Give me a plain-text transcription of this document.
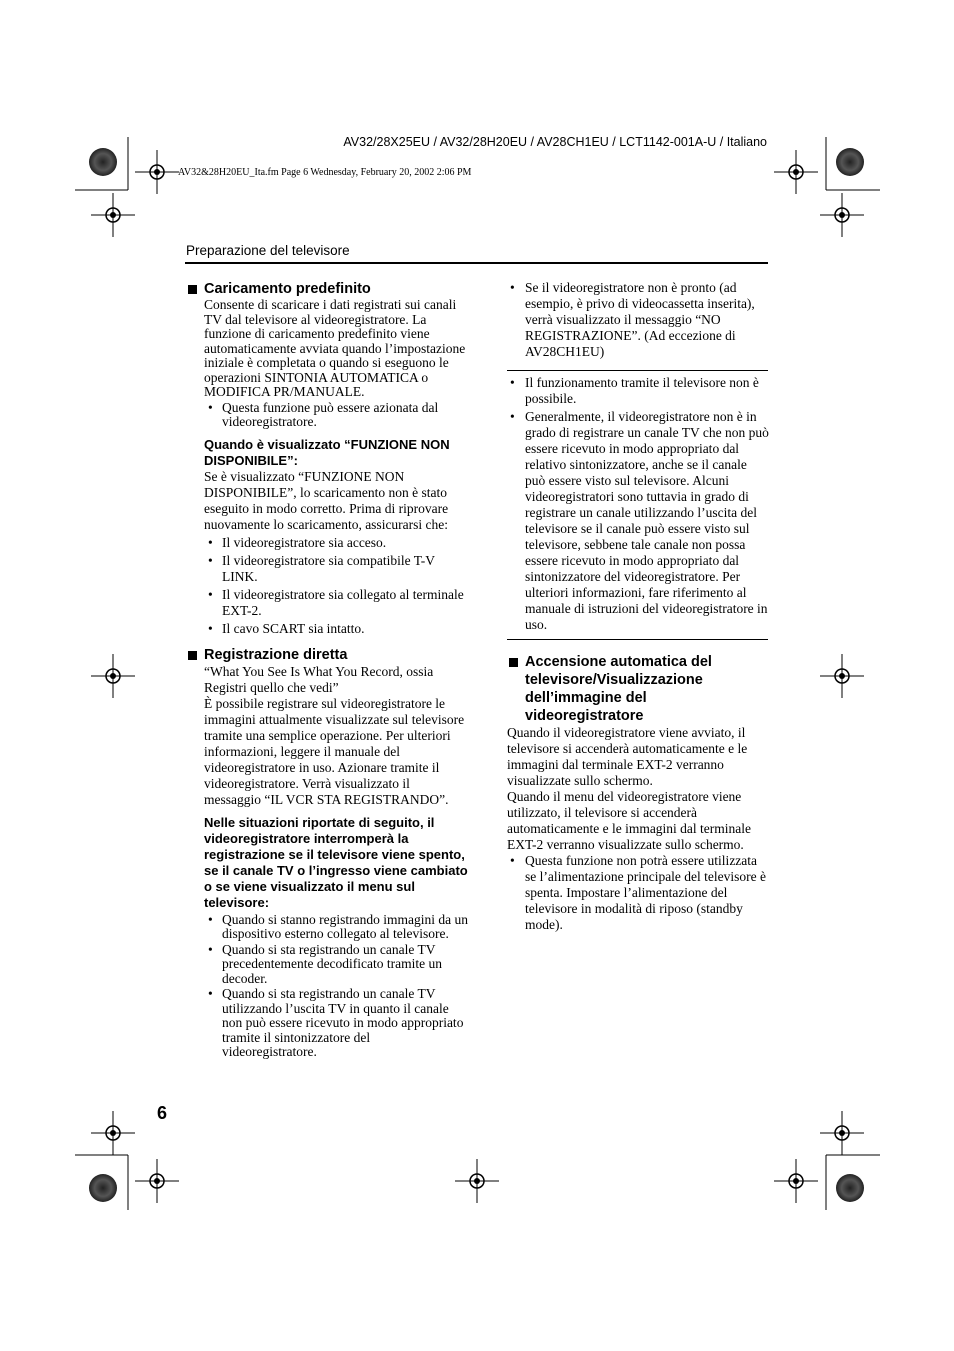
AV32/28X25EU / AV32/28H20EU / AV28CH1EU / LCT1142-001A-U / Italiano
AV32&28H20EU_Ita.fm Page 6 Wednesday, February 20, 2002 2:06 PM
Preparazione del televisore
Caricamento predefinito

Consente di scaricare i dati registrati sui canali TV dal televisore al videoregistratore. La funzione di caricamento predefinito viene automaticamente avviata quando l’impostazione iniziale è completata o quando si eseguono le operazioni SINTONIA AUTOMATICA o MODIFICA PR/MANUALE.

• Questa funzione può essere azionata dal videoregistratore.
Quando è visualizzato “FUNZIONE NON DISPONIBILE”:

Se è visualizzato “FUNZIONE NON DISPONIBILE”, lo scaricamento non è stato eseguito in modo corretto. Prima di riprovare nuovamente lo scaricamento, assicurarsi che:

• Il videoregistratore sia acceso.
• Il videoregistratore sia compatibile T-V LINK.
• Il videoregistratore sia collegato al terminale EXT-2.
• Il cavo SCART sia intatto.
Registrazione diretta

“What You See Is What You Record, ossia Registri quello che vedi”

È possibile registrare sul videoregistratore le immagini attualmente visualizzate sul televisore tramite una semplice operazione. Per ulteriori informazioni, leggere il manuale del videoregistratore in uso. Azionare tramite il videoregistratore. Verrà visualizzato il messaggio “IL VCR STA REGISTRANDO”.

Nelle situazioni riportate di seguito, il videoregistratore interromperà la registrazione se il televisore viene spento, se il canale TV o l’ingresso viene cambiato o se viene visualizzato il menu sul televisore:
• Quando si stanno registrando immagini da un dispositivo esterno collegato al televisore.
• Quando si sta registrando un canale TV precedentemente decodificato tramite un decoder.
• Quando si sta registrando un canale TV utilizzando l’uscita TV in quanto il canale non può essere ricevuto in modo appropriato tramite il sintonizzatore del videoregistratore.
• Se il videoregistratore non è pronto (ad esempio, è privo di videocassetta inserita), verrà visualizzato il messaggio “NO REGISTRAZIONE”. (Ad eccezione di AV28CH1EU)
• Il funzionamento tramite il televisore non è possibile.
• Generalmente, il videoregistratore non è in grado di registrare un canale TV che non può essere ricevuto in modo appropriato dal relativo sintonizzatore, anche se il canale può essere visto sul televisore. Alcuni videoregistratori sono tuttavia in grado di registrare un canale utilizzando l’uscita del televisore se il canale può essere visto sul televisore, sebbene tale canale non possa essere ricevuto in modo appropriato dal sintonizzatore del videoregistratore. Per ulteriori informazioni, fare riferimento al manuale di istruzioni del videoregistratore in uso.
Accensione automatica del televisore/Visualizzazione dell’immagine del videoregistratore

Quando il videoregistratore viene avviato, il televisore si accenderà automaticamente e le immagini dal terminale EXT-2 verranno visualizzate sullo schermo.

Quando il menu del videoregistratore viene utilizzato, il televisore si accenderà automaticamente e le immagini dal terminale EXT-2 verranno visualizzate sullo schermo.

• Questa funzione non potrà essere utilizzata se l’alimentazione principale del televisore è spenta. Impostare l’alimentazione del televisore in modalità di riposo (standby mode).
6
